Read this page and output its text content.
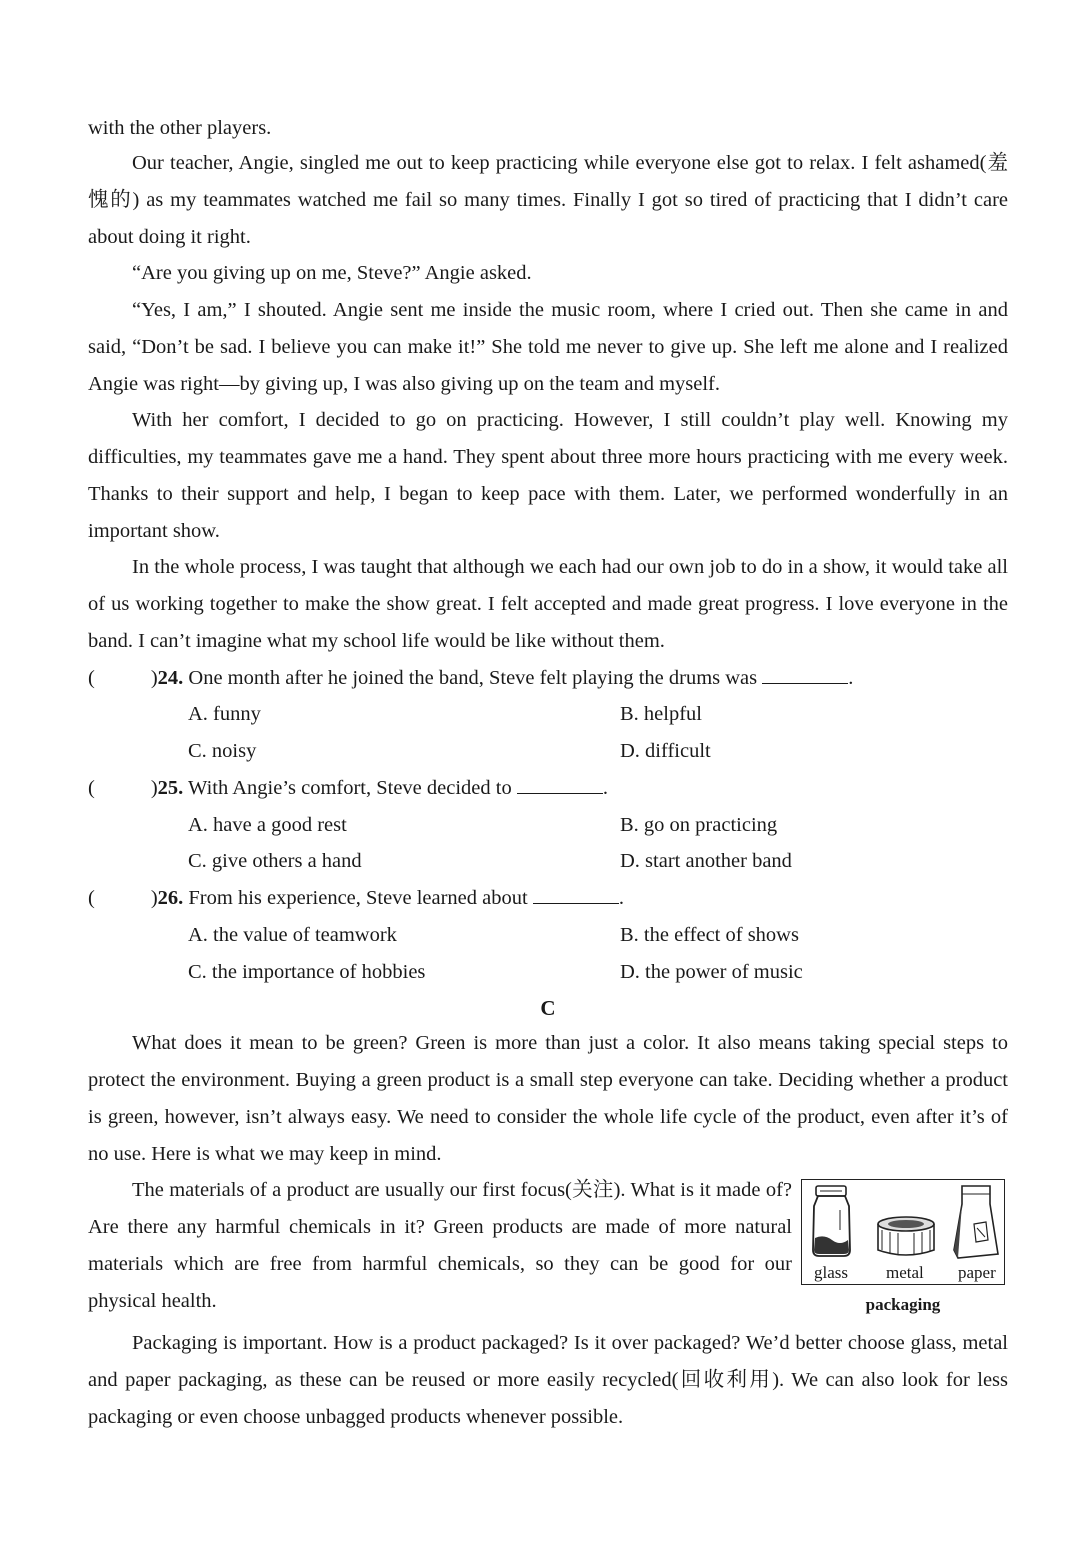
with the other players.
Our teacher, Angie, singled me out to keep practicing while everyone else got to relax. I felt ashamed(羞愧的) as my teammates watched me fail so many times. Finally I got so tired of practicing that I didn’t care about doing it right.
“Are you giving up on me, Steve?” Angie asked.
“Yes, I am,” I shouted. Angie sent me inside the music room, where I cried out. Then she came in and said, “Don’t be sad. I believe you can make it!” She told me never to give up. She left me alone and I realized Angie was right—by giving up, I was also giving up on the team and myself.
With her comfort, I decided to go on practicing. However, I still couldn’t play well. Knowing my difficulties, my teammates gave me a hand. They spent about three more hours practicing with me every week. Thanks to their support and help, I began to keep pace with them. Later, we performed wonderfully in an important show.
In the whole process, I was taught that although we each had our own job to do in a show, it would take all of us working together to make the show great. I felt accepted and made great progress. I love everyone in the band. I can’t imagine what my school life would be like without them.
(	)24. One month after he joined the band, Steve felt playing the drums was	.
A. funny	B. helpful
C. noisy	D. difficult
(	)25. With Angie’s comfort, Steve decided to	.
A. have a good rest	B. go on practicing
C. give others a hand	D. start another band
(	)26. From his experience, Steve learned about	.
A. the value of teamwork	B. the effect of shows
C. the importance of hobbies	D. the power of music
C
What does it mean to be green? Green is more than just a color. It also means taking special steps to protect the environment. Buying a green product is a small step everyone can take. Deciding whether a product is green, however, isn’t always easy. We need to consider the whole life cycle of the product, even after it’s of no use. Here is what we may keep in mind.
The materials of a product are usually our first focus(关注). What is it made of? Are there any harmful chemicals in it? Green products are made of more natural materials which are free from harmful chemicals, so they can be good for our physical health.
glass metal paper
packaging
Packaging is important. How is a product packaged? Is it over packaged? We’d better choose glass, metal and paper packaging, as these can be reused or more easily recycled(回收利用). We can also look for less packaging or even choose unbagged products whenever possible.
